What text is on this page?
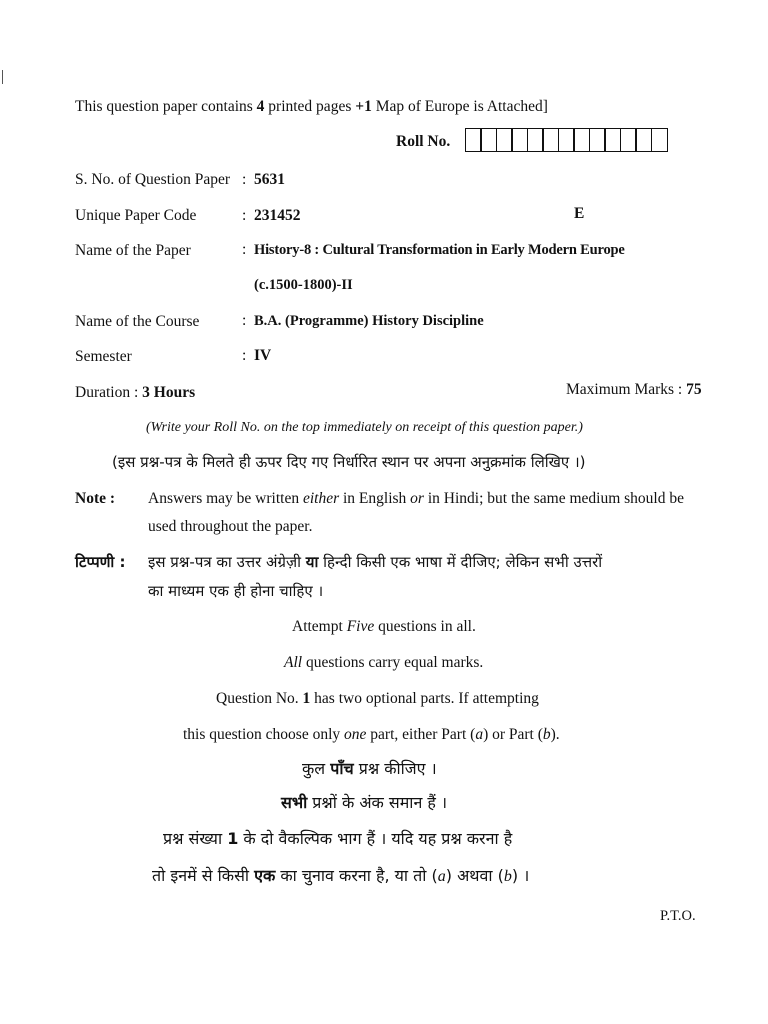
This question paper contains 4 printed pages +1 Map of Europe is Attached]
Roll No.
S. No. of Question Paper : 5631
Unique Paper Code	: 231452	E
Name of the Paper	: History-8 : Cultural Transformation in Early Modern Europe
(c.1500-1800)-II
Name of the Course	: B.A. (Programme) History Discipline
Semester	: IV
Duration : 3 Hours	Maximum Marks : 75
(Write your Roll No. on the top immediately on receipt of this question paper.)
(इस प्रश्न-पत्र के मिलते ही ऊपर दिए गए निर्धारित स्थान पर अपना अनुक्रमांक लिखिए ।)
Note : Answers may be written either in English or in Hindi; but the same medium should be
used throughout the paper.
टिप्पणी : इस प्रश्न-पत्र का उत्तर अंग्रेज़ी या हिन्दी किसी एक भाषा में दीजिए; लेकिन सभी उत्तरों
का माध्यम एक ही होना चाहिए ।
Attempt Five questions in all.
All questions carry equal marks.
Question No. 1 has two optional parts. If attempting
this question choose only one part, either Part (a) or Part (b).
कुल पाँच प्रश्न कीजिए ।
सभी प्रश्नों के अंक समान हैं ।
प्रश्न संख्या 1 के दो वैकल्पिक भाग हैं । यदि यह प्रश्न करना है
तो इनमें से किसी एक का चुनाव करना है, या तो (a) अथवा (b) ।
P.T.O.
